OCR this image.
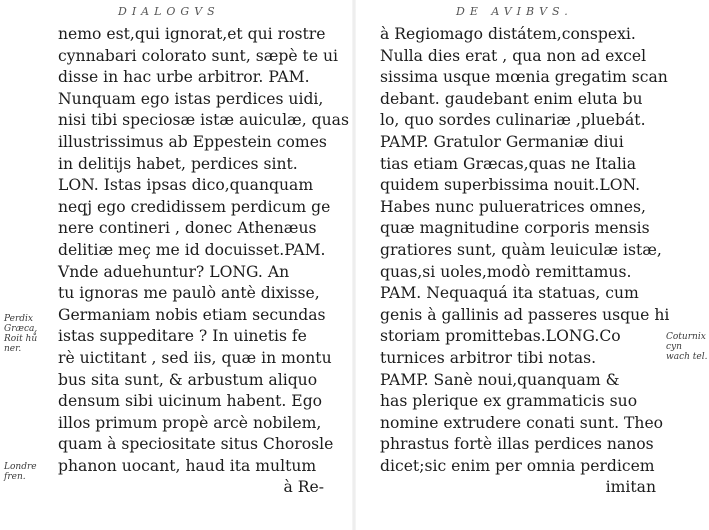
DIALOGVS
nemo est,qui ignorat,et qui rostre
cynnabari colorato sunt, sæpè te ui
disse in hac urbe arbitror. PAM.
Nunquam ego istas perdices uidi,
nisi tibi speciosæ istæ auiculæ, quas
illustrissimus ab Eppestein comes
in delitijs habet, perdices sint.
LON. Istas ipsas dico,quanquam
neqj ego credidissem perdicum ge
nere contineri , donec Athenæus
delitiæ meç me id docuisset.PAM.
Vnde aduehuntur? LONG. An
tu ignoras me paulò antè dixisse,
Germaniam nobis etiam secundas
istas suppeditare ? In uinetis fe
rè uictitant , sed iis, quæ in montu
bus sita sunt, & arbustum aliquo
densum sibi uicinum habent. Ego
illos primum propè arcè nobilem,
quam à speciositate situs Chorosle
phanon uocant, haud ita multum
à Re-
Perdix Græca, Roit hů ner.
Londre fren.
DE AVIBVS.
à Regiomago distátem,conspexi.
Nulla dies erat , qua non ad excel
sissima usque mœnia gregatim scan
debant. gaudebant enim eluta bu
lo, quo sordes culinariæ ,pluebát.
PAMP. Gratulor Germaniæ diui
tias etiam Græcas,quas ne Italia
quidem superbissima nouit.LON.
Habes nunc pulueratrices omnes,
quæ magnitudine corporis mensis
gratiores sunt, quàm leuiculæ istæ,
quas,si uoles,modò remittamus.
PAM. Nequaquá ita statuas, cum
genis à gallinis ad passeres usque hi
storiam promittebas.LONG.Co
turnices arbitror tibi notas.
PAMP. Sanè noui,quanquam &
has plerique ex grammaticis suo
nomine extrudere conati sunt. Theo
phrastus fortè illas perdices nanos
dicet;sic enim per omnia perdicem
imitan
Coturnix cyn wach tel.
